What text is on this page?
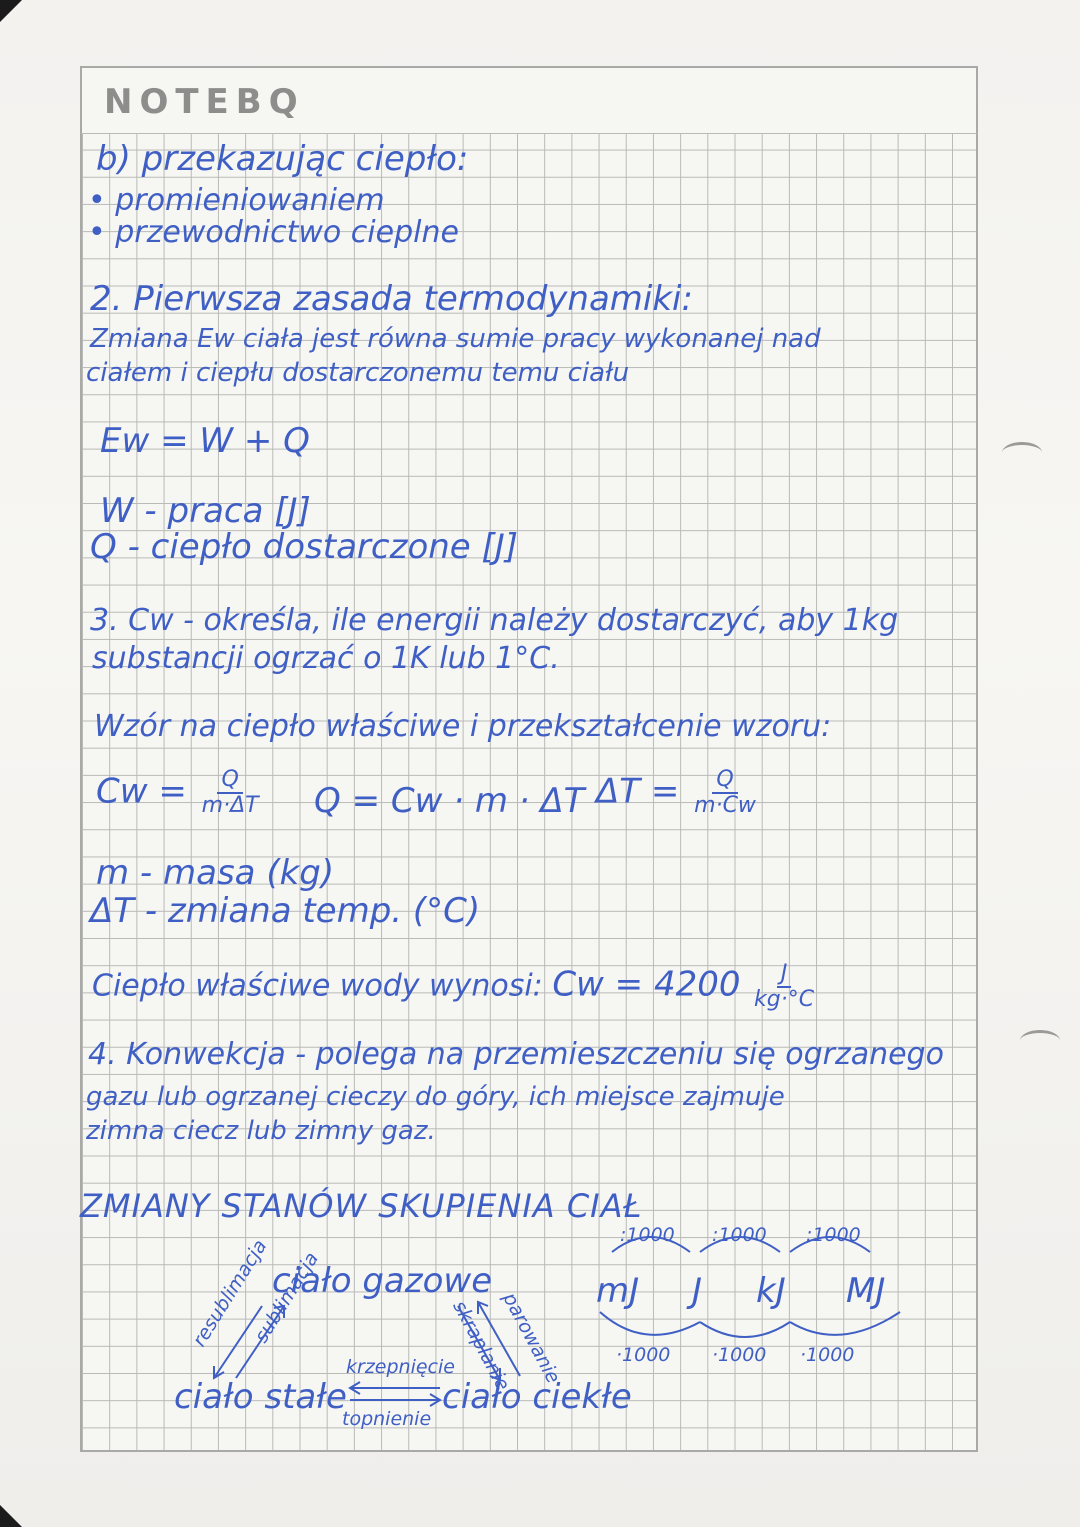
NOTEBQ
b) przekazując ciepło:
• promieniowaniem
• przewodnictwo cieplne
2. Pierwsza zasada termodynamiki:
Zmiana Ew ciała jest równa sumie pracy wykonanej nad
ciałem i ciepłu dostarczonemu temu ciału
Ew = W + Q
W - praca [J]
Q - ciepło dostarczone [J]
3. Cw - określa, ile energii należy dostarczyć, aby 1kg
substancji ogrzać o 1K lub 1°C.
Wzór na ciepło właściwe i przekształcenie wzoru:
$Cw = \frac{Q}{m\cdot\Delta T}$ Q = Cw · m · ΔT $\Delta T = \frac{Q}{m\cdot Cw}$
m - masa (kg)
ΔT - zmiana temp. (°C)
Ciepło właściwe wody wynosi: $Cw = 4200 \frac{J}{kg\cdot^\circ C}$
4. Konwekcja - polega na przemieszczeniu się ogrzanego
gazu lub ogrzanej cieczy do góry, ich miejsce zajmuje
zimna ciecz lub zimny gaz.
ZMIANY STANÓW SKUPIENIA CIAŁ
ciało gazowe
ciało stałe	ciało ciekłe
resublimacja
sublimacja	skraplanie
parowanie
krzepnięcie
topnienie
mJ J kJ MJ
:1000 :1000 :1000
·1000 ·1000 ·1000
